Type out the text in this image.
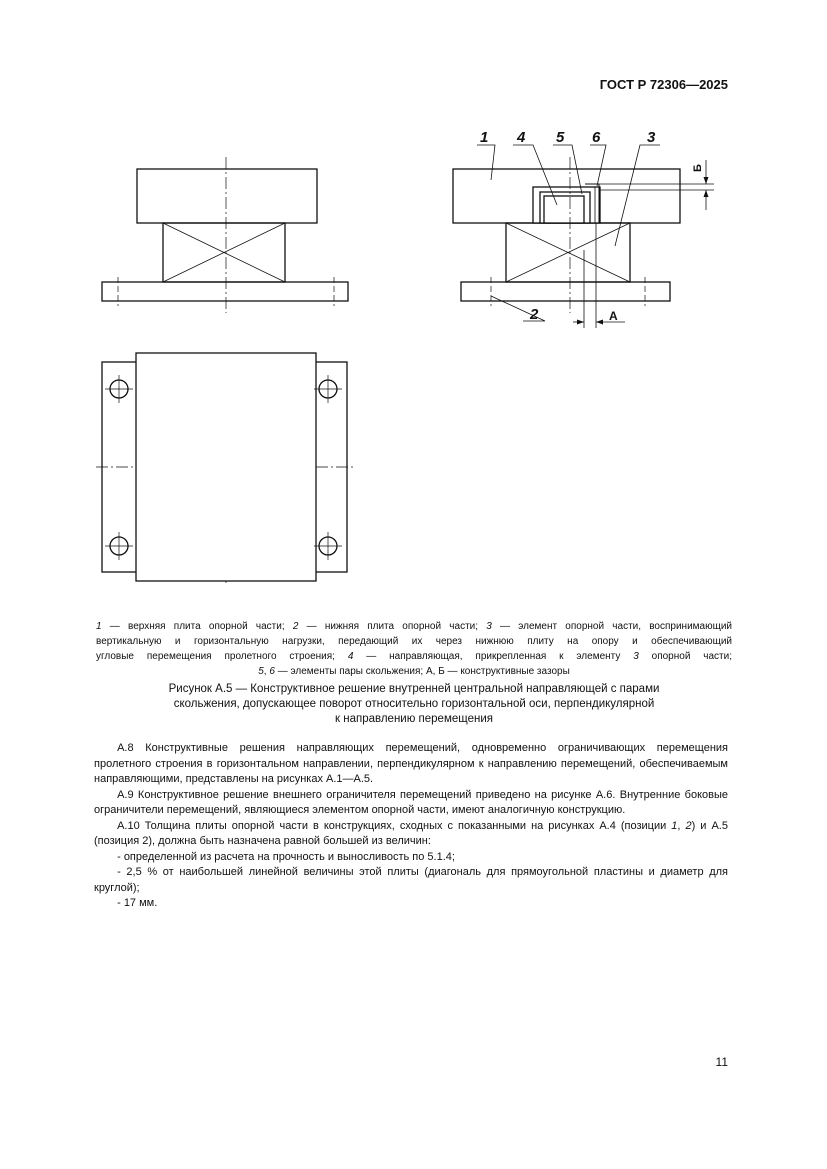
ГОСТ Р 72306—2025
1 4 5 6	3
2	А
Б

1 — верхняя плита опорной части; 2 — нижняя плита опорной части; 3 — элемент опорной части, воспринимающий

вертикальную и горизонтальную нагрузки, передающий их через нижнюю плиту на опору и обеспечивающий

угловые перемещения пролетного строения; 4 — направляющая, прикрепленная к элементу 3 опорной части;

5, 6 — элементы пары скольжения; А, Б — конструктивные зазоры

Рисунок А.5 — Конструктивное решение внутренней центральной направляющей с парами
скольжения, допускающее поворот относительно горизонтальной оси, перпендикулярной
к направлению перемещения

А.8 Конструктивные решения направляющих перемещений, одновременно ограничивающих перемещения пролетного строения в горизонтальном направлении, перпендикулярном к направлению перемещений, обеспечиваемым направляющими, представлены на рисунках А.1—А.5.

А.9 Конструктивное решение внешнего ограничителя перемещений приведено на рисунке А.6. Внутренние боковые ограничители перемещений, являющиеся элементом опорной части, имеют аналогичную конструкцию.

А.10 Толщина плиты опорной части в конструкциях, сходных с показанными на рисунках А.4 (позиции 1, 2) и А.5 (позиция 2), должна быть назначена равной большей из величин:

- определенной из расчета на прочность и выносливость по 5.1.4;

- 2,5 % от наибольшей линейной величины этой плиты (диагональ для прямоугольной пластины и диаметр для круглой);

- 17 мм.

11
